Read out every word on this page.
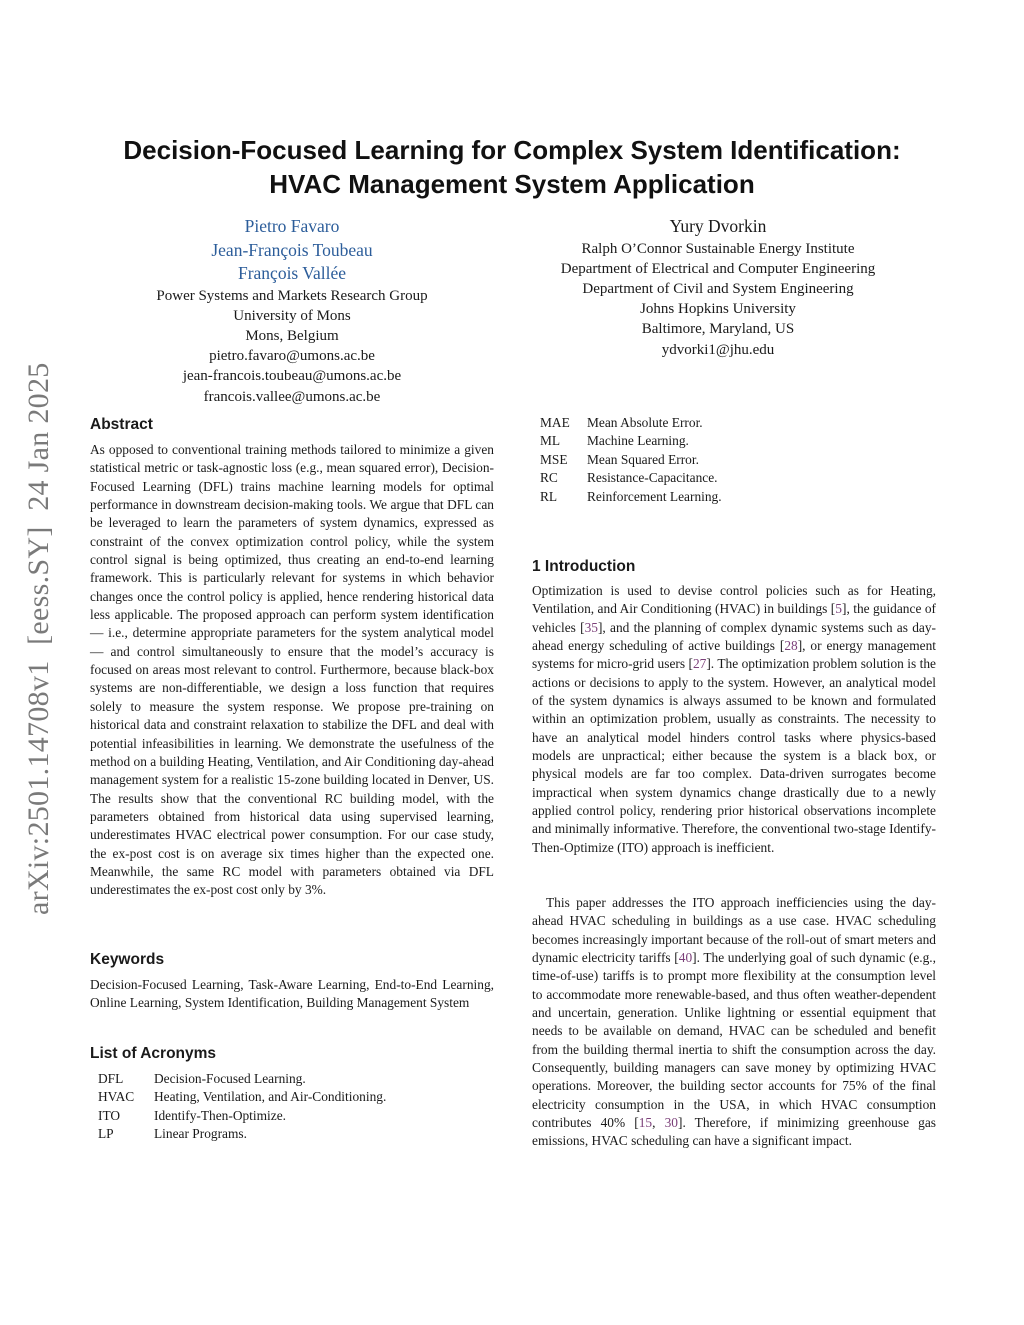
arXiv:2501.14708v1  [eess.SY]  24 Jan 2025
Decision-Focused Learning for Complex System Identification:
HVAC Management System Application
Pietro Favaro
Jean-François Toubeau
François Vallée
Power Systems and Markets Research Group
University of Mons
Mons, Belgium
pietro.favaro@umons.ac.be
jean-francois.toubeau@umons.ac.be
francois.vallee@umons.ac.be
Yury Dvorkin
Ralph O’Connor Sustainable Energy Institute
Department of Electrical and Computer Engineering
Department of Civil and System Engineering
Johns Hopkins University
Baltimore, Maryland, US
ydvorki1@jhu.edu
Abstract
As opposed to conventional training methods tailored to minimize a given statistical metric or task-agnostic loss (e.g., mean squared error), Decision-Focused Learning (DFL) trains machine learning models for optimal performance in downstream decision-making tools. We argue that DFL can be leveraged to learn the parameters of system dynamics, expressed as constraint of the convex optimization control policy, while the system control signal is being optimized, thus creating an end-to-end learning framework. This is particularly relevant for systems in which behavior changes once the control policy is applied, hence rendering historical data less applicable. The proposed approach can perform system identification — i.e., determine appropriate parameters for the system analytical model — and control simultaneously to ensure that the model’s accuracy is focused on areas most relevant to control. Furthermore, because black-box systems are non-differentiable, we design a loss function that requires solely to measure the system response. We propose pre-training on historical data and constraint relaxation to stabilize the DFL and deal with potential infeasibilities in learning. We demonstrate the usefulness of the method on a building Heating, Ventilation, and Air Conditioning day-ahead management system for a realistic 15-zone building located in Denver, US. The results show that the conventional RC building model, with the parameters obtained from historical data using supervised learning, underestimates HVAC electrical power consumption. For our case study, the ex-post cost is on average six times higher than the expected one. Meanwhile, the same RC model with parameters obtained via DFL underestimates the ex-post cost only by 3%.
Keywords
Decision-Focused Learning, Task-Aware Learning, End-to-End Learning, Online Learning, System Identification, Building Management System
List of Acronyms
DFL	Decision-Focused Learning.
HVAC	Heating, Ventilation, and Air-Conditioning.
ITO	Identify-Then-Optimize.
LP	Linear Programs.
MAE	Mean Absolute Error.
ML	Machine Learning.
MSE	Mean Squared Error.
RC	Resistance-Capacitance.
RL	Reinforcement Learning.
1 Introduction
Optimization is used to devise control policies such as for Heating, Ventilation, and Air Conditioning (HVAC) in buildings [5], the guidance of vehicles [35], and the planning of complex dynamic systems such as day-ahead energy scheduling of active buildings [28], or energy management systems for micro-grid users [27]. The optimization problem solution is the actions or decisions to apply to the system. However, an analytical model of the system dynamics is always assumed to be known and formulated within an optimization problem, usually as constraints. The necessity to have an analytical model hinders control tasks where physics-based models are unpractical; either because the system is a black box, or physical models are far too complex. Data-driven surrogates become impractical when system dynamics change drastically due to a newly applied control policy, rendering prior historical observations incomplete and minimally informative. Therefore, the conventional two-stage Identify-Then-Optimize (ITO) approach is inefficient.
This paper addresses the ITO approach inefficiencies using the day-ahead HVAC scheduling in buildings as a use case. HVAC scheduling becomes increasingly important because of the roll-out of smart meters and dynamic electricity tariffs [40]. The underlying goal of such dynamic (e.g., time-of-use) tariffs is to prompt more flexibility at the consumption level to accommodate more renewable-based, and thus often weather-dependent and uncertain, generation. Unlike lightning or essential equipment that needs to be available on demand, HVAC can be scheduled and benefit from the building thermal inertia to shift the consumption across the day. Consequently, building managers can save money by optimizing HVAC operations. Moreover, the building sector accounts for 75% of the final electricity consumption in the USA, in which HVAC consumption contributes 40% [15, 30]. Therefore, if minimizing greenhouse gas emissions, HVAC scheduling can have a significant impact.
